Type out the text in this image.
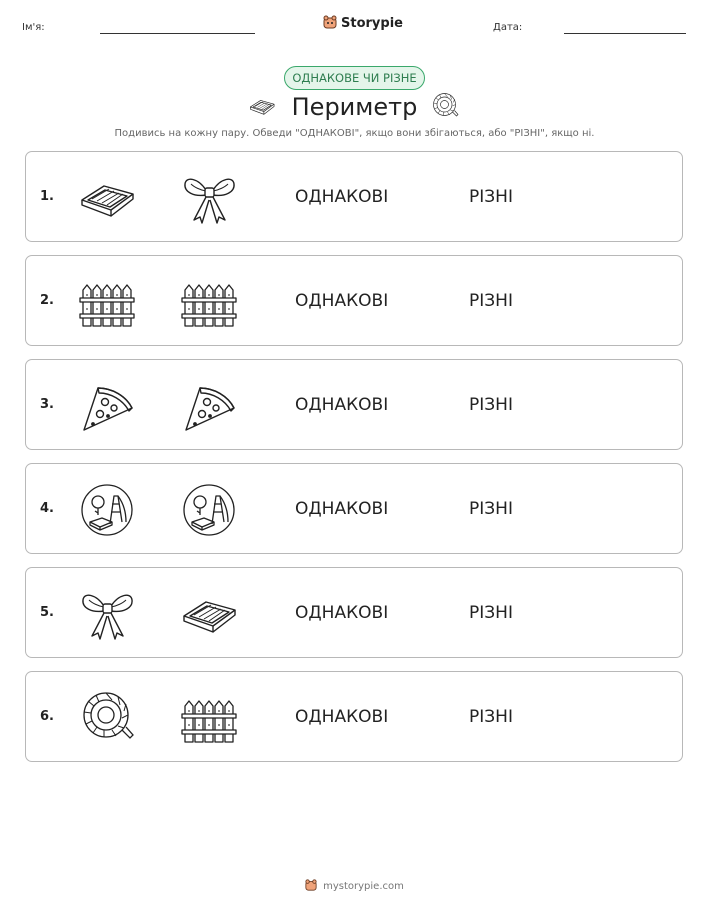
Ім'я:	Storypie	Дата:
ОДНАКОВЕ ЧИ РІЗНЕ
Периметр
Подивись на кожну пару. Обведи "ОДНАКОВІ", якщо вони збігаються, або "РІЗНІ", якщо ні.
1.	ОДНАКОВІ	РІЗНІ
2.	ОДНАКОВІ	РІЗНІ
3.	ОДНАКОВІ	РІЗНІ
4.	ОДНАКОВІ	РІЗНІ
5.	ОДНАКОВІ	РІЗНІ
6.	ОДНАКОВІ	РІЗНІ
mystorypie.com
